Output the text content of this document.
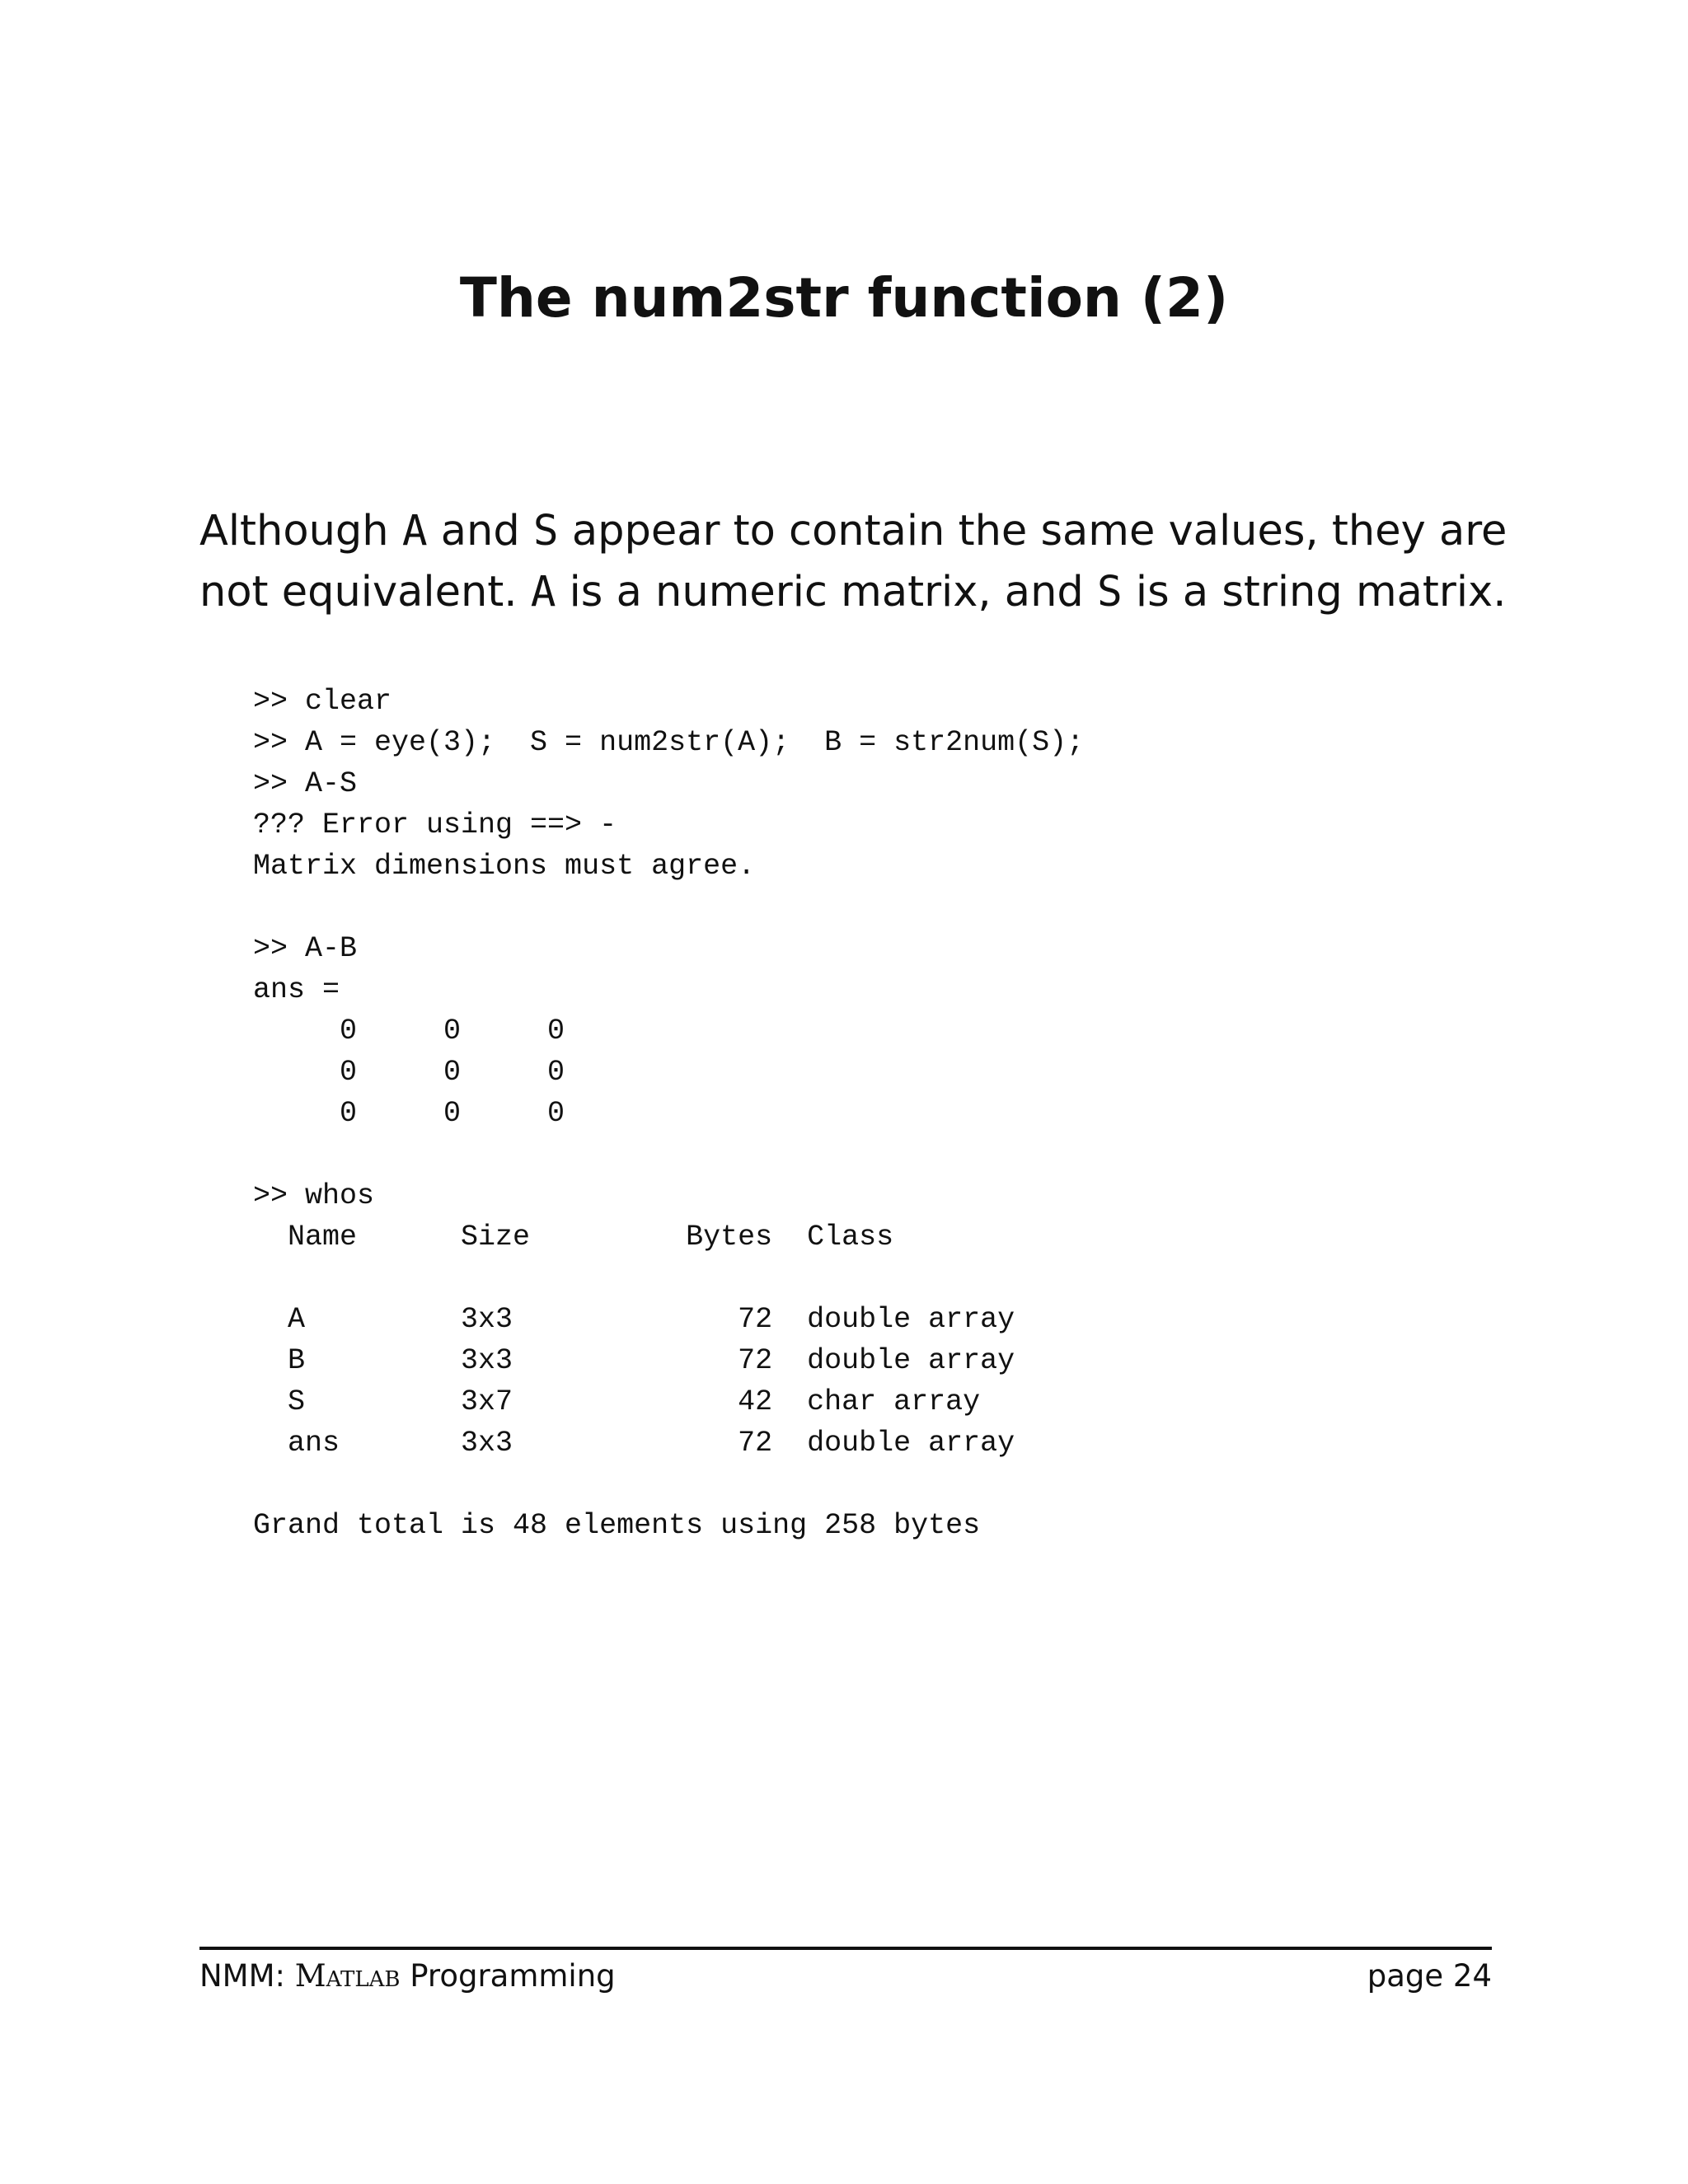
The num2str function (2)
Although A and S appear to contain the same values, they are
not equivalent. A is a numeric matrix, and S is a string matrix.
>> clear
>> A = eye(3);  S = num2str(A);  B = str2num(S);
>> A-S
??? Error using ==> -
Matrix dimensions must agree.
>> A-B
ans =
0     0     0
0     0     0
0     0     0
>> whos
Name      Size         Bytes  Class
A         3x3             72  double array
B         3x3             72  double array
S         3x7             42  char array
ans       3x3             72  double array
Grand total is 48 elements using 258 bytes
NMM: Matlab Programming	page 24
